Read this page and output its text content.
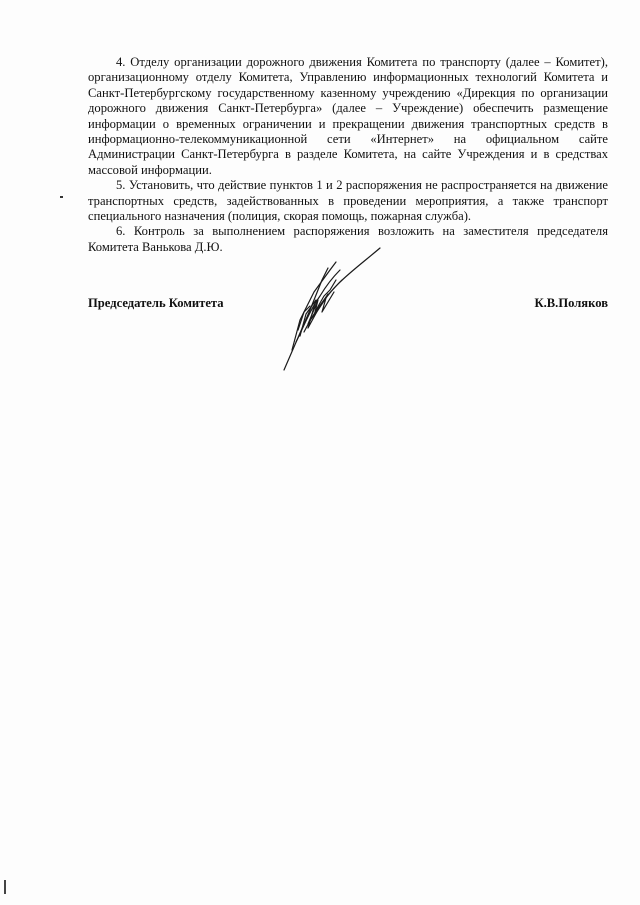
4. Отделу организации дорожного движения Комитета по транспорту (далее – Комитет), организационному отделу Комитета, Управлению информационных технологий Комитета и Санкт-Петербургскому государственному казенному учреждению «Дирекция по организации дорожного движения Санкт-Петербурга» (далее – Учреждение) обеспечить размещение информации о временных ограничении и прекращении движения транспортных средств в информационно-телекоммуникационной сети «Интернет» на официальном сайте Администрации Санкт-Петербурга в разделе Комитета, на сайте Учреждения и в средствах массовой информации.

5. Установить, что действие пунктов 1 и 2 распоряжения не распространяется на движение транспортных средств, задействованных в проведении мероприятия, а также транспорт специального назначения (полиция, скорая помощь, пожарная служба).

6. Контроль за выполнением распоряжения возложить на заместителя председателя Комитета Ванькова Д.Ю.

Председатель Комитета	К.В.Поляков
